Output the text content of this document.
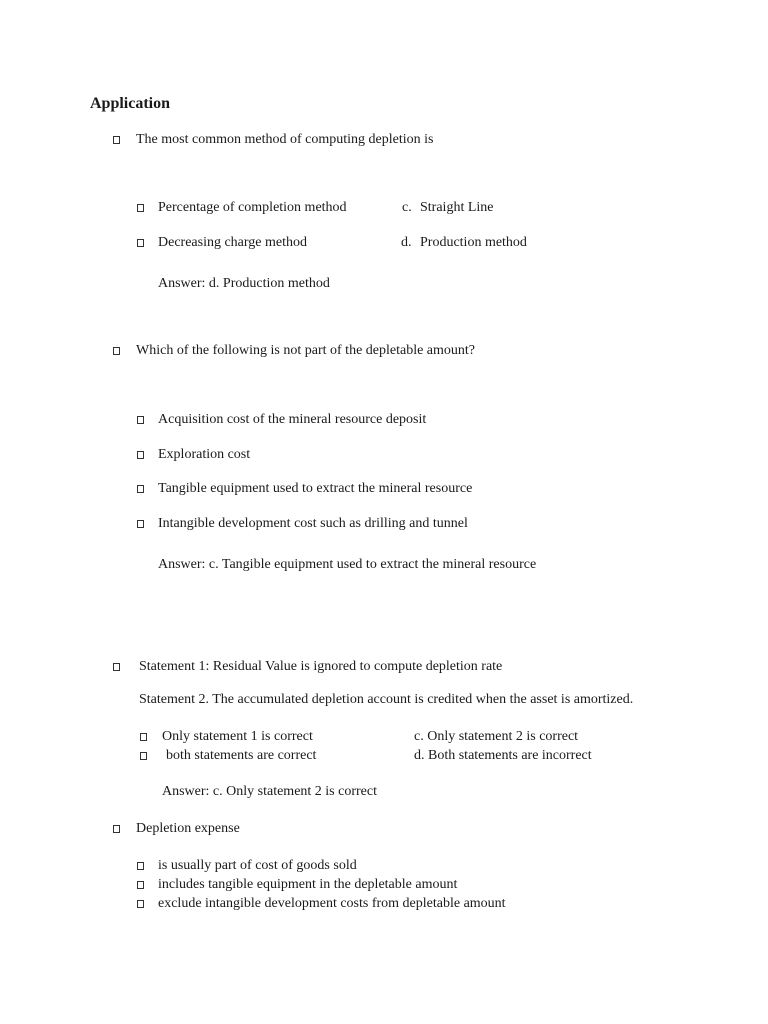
Application
The most common method of computing depletion is
Percentage of completion method	c. Straight Line
Decreasing charge method	d. Production method
Answer: d. Production method
Which of the following is not part of the depletable amount?
Acquisition cost of the mineral resource deposit
Exploration cost
Tangible equipment used to extract the mineral resource
Intangible development cost such as drilling and tunnel
Answer: c. Tangible equipment used to extract the mineral resource
Statement 1: Residual Value is ignored to compute depletion rate
Statement 2. The accumulated depletion account is credited when the asset is amortized.
Only statement 1 is correct	c. Only statement 2 is correct
both statements are correct	d. Both statements are incorrect
Answer: c. Only statement 2 is correct
Depletion expense
is usually part of cost of goods sold
includes tangible equipment in the depletable amount
exclude intangible development costs from depletable amount
